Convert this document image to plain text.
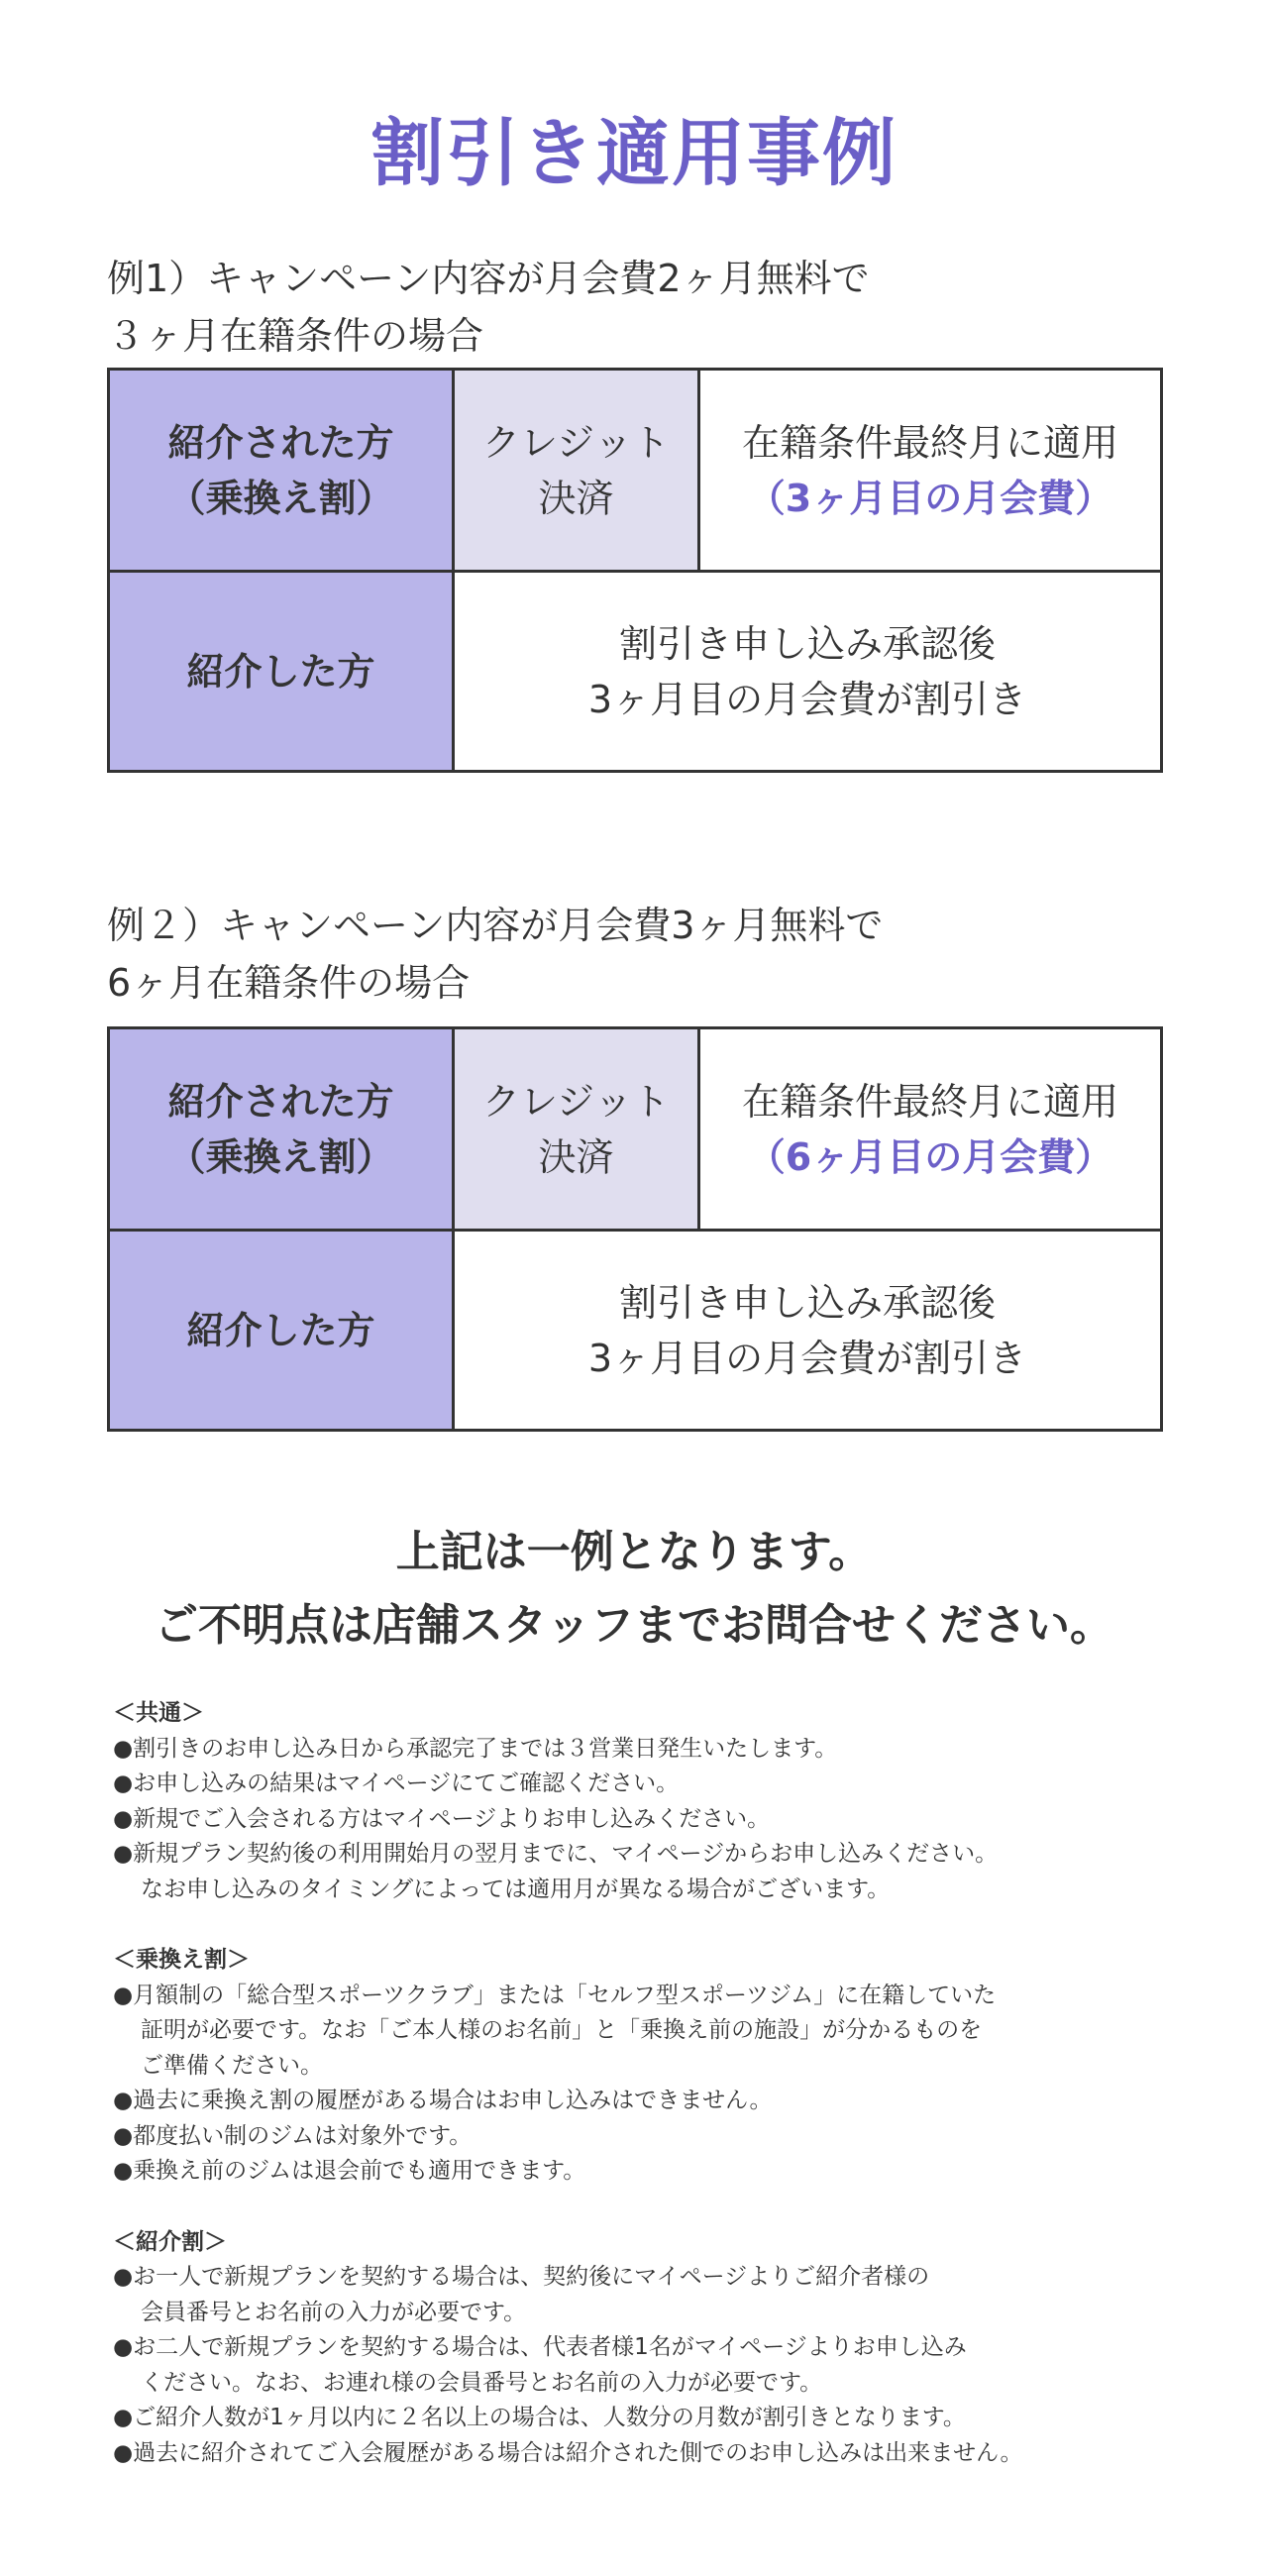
割引き適用事例
例1）キャンペーン内容が月会費2ヶ月無料で
３ヶ月在籍条件の場合
紹介された方
（乗換え割）
クレジット
決済
在籍条件最終月に適用
（3ヶ月目の月会費）
紹介した方
割引き申し込み承認後
3ヶ月目の月会費が割引き
例２）キャンペーン内容が月会費3ヶ月無料で
6ヶ月在籍条件の場合
紹介された方
（乗換え割）
クレジット
決済
在籍条件最終月に適用
（6ヶ月目の月会費）
紹介した方
割引き申し込み承認後
3ヶ月目の月会費が割引き
上記は一例となります。
ご不明点は店舗スタッフまでお問合せください。
＜共通＞
●割引きのお申し込み日から承認完了までは３営業日発生いたします。
●お申し込みの結果はマイページにてご確認ください。
●新規でご入会される方はマイページよりお申し込みください。
●新規プラン契約後の利用開始月の翌月までに、マイページからお申し込みください。
なお申し込みのタイミングによっては適用月が異なる場合がございます。
＜乗換え割＞
●月額制の「総合型スポーツクラブ」または「セルフ型スポーツジム」に在籍していた
証明が必要です。なお「ご本人様のお名前」と「乗換え前の施設」が分かるものを
ご準備ください。
●過去に乗換え割の履歴がある場合はお申し込みはできません。
●都度払い制のジムは対象外です。
●乗換え前のジムは退会前でも適用できます。
＜紹介割＞
●お一人で新規プランを契約する場合は、契約後にマイページよりご紹介者様の
会員番号とお名前の入力が必要です。
●お二人で新規プランを契約する場合は、代表者様1名がマイページよりお申し込み
ください。なお、お連れ様の会員番号とお名前の入力が必要です。
●ご紹介人数が1ヶ月以内に２名以上の場合は、人数分の月数が割引きとなります。
●過去に紹介されてご入会履歴がある場合は紹介された側でのお申し込みは出来ません。
